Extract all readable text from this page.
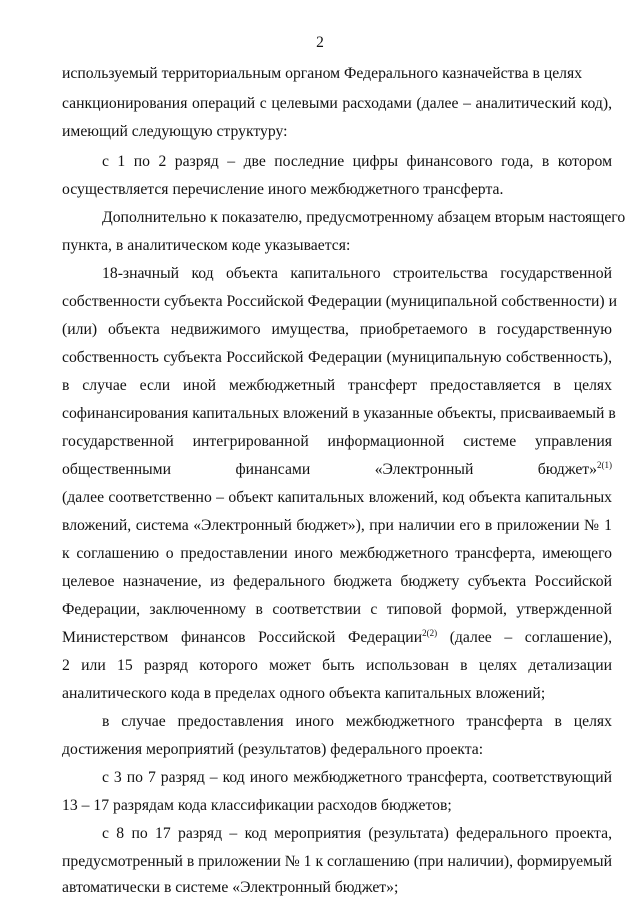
2
используемый территориальным органом Федерального казначейства в целях
санкционирования операций с целевыми расходами (далее – аналитический код),
имеющий следующую структуру:
с 1 по 2 разряд – две последние цифры финансового года, в котором
осуществляется перечисление иного межбюджетного трансферта.
Дополнительно к показателю, предусмотренному абзацем вторым настоящего
пункта, в аналитическом коде указывается:
18-значный код объекта капитального строительства государственной
собственности субъекта Российской Федерации (муниципальной собственности) и
(или) объекта недвижимого имущества, приобретаемого в государственную
собственность субъекта Российской Федерации (муниципальную собственность),
в случае если иной межбюджетный трансферт предоставляется в целях
софинансирования капитальных вложений в указанные объекты, присваиваемый в
государственной интегрированной информационной системе управления
общественными финансами «Электронный бюджет»$^{2(1)}$
(далее соответственно – объект капитальных вложений, код объекта капитальных
вложений, система «Электронный бюджет»), при наличии его в приложении № 1
к соглашению о предоставлении иного межбюджетного трансферта, имеющего
целевое назначение, из федерального бюджета бюджету субъекта Российской
Федерации, заключенному в соответствии с типовой формой, утвержденной
Министерством финансов Российской Федерации$^{2(2)}$ (далее – соглашение),
2 или 15 разряд которого может быть использован в целях детализации
аналитического кода в пределах одного объекта капитальных вложений;
в случае предоставления иного межбюджетного трансферта в целях
достижения мероприятий (результатов) федерального проекта:
с 3 по 7 разряд – код иного межбюджетного трансферта, соответствующий
13 – 17 разрядам кода классификации расходов бюджетов;
с 8 по 17 разряд – код мероприятия (результата) федерального проекта,
предусмотренный в приложении № 1 к соглашению (при наличии), формируемый
автоматически в системе «Электронный бюджет»;
